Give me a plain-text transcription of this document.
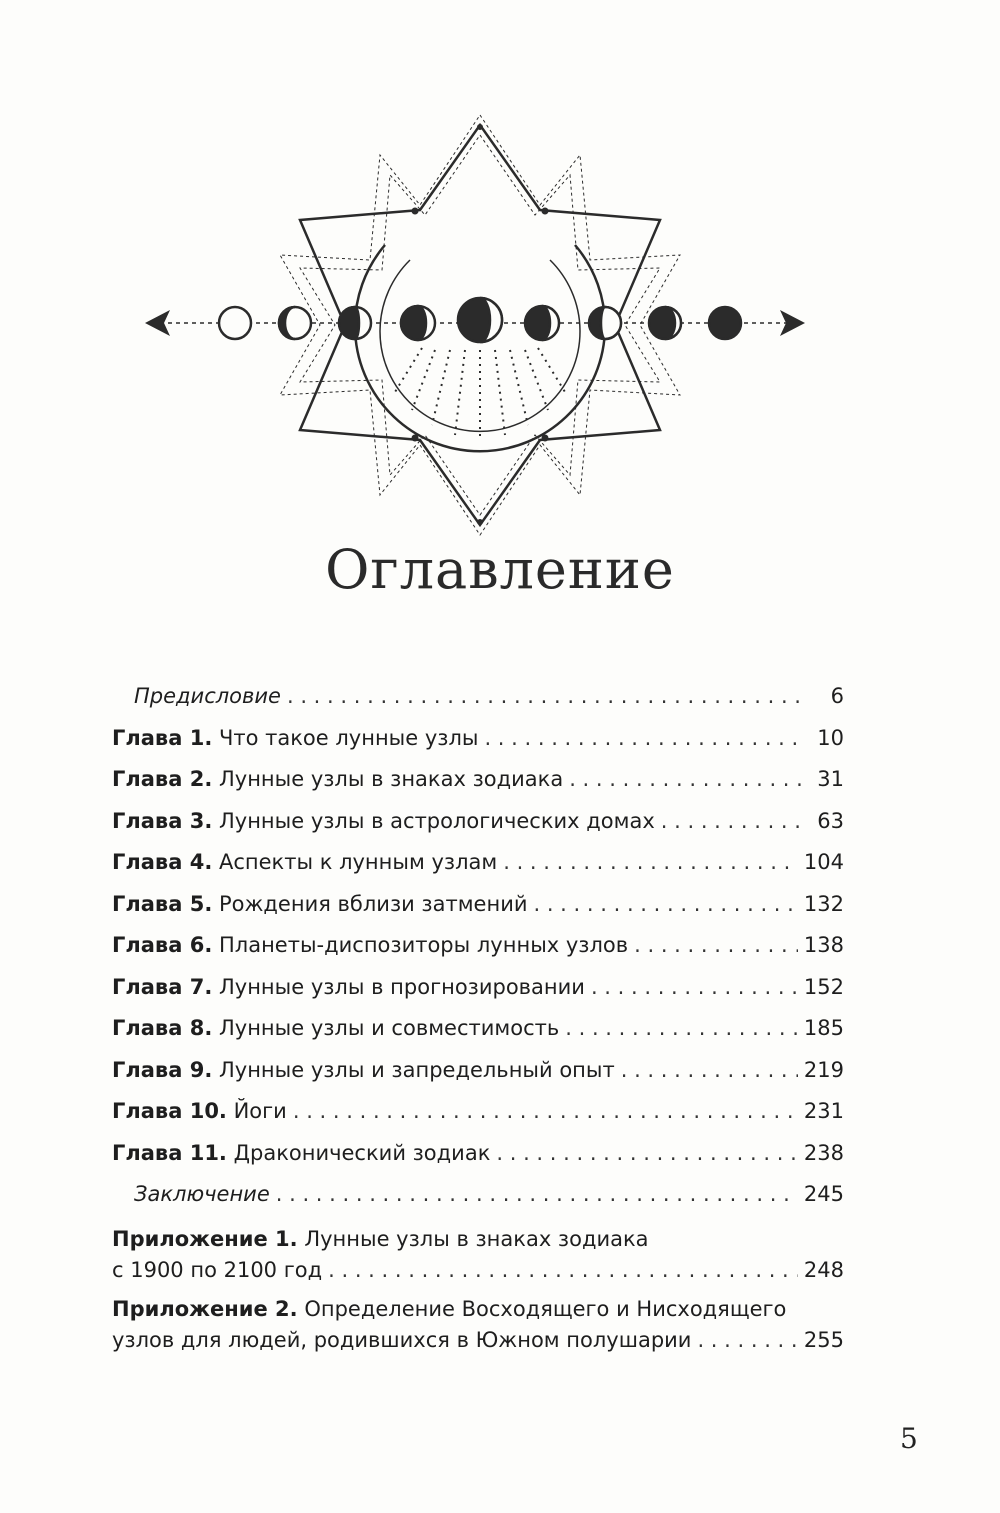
Оглавление
Предисловие . . .	6
Глава 1. Что такое лунные узлы . . .	10
Глава 2. Лунные узлы в знаках зодиака . . .	31
Глава 3. Лунные узлы в астрологических домах . . .	63
Глава 4. Аспекты к лунным узлам . . .	104
Глава 5. Рождения вблизи затмений . . .	132
Глава 6. Планеты-диспозиторы лунных узлов . . .	138
Глава 7. Лунные узлы в прогнозировании . . .	152
Глава 8. Лунные узлы и совместимость . . .	185
Глава 9. Лунные узлы и запредельный опыт . . .	219
Глава 10. Йоги . . .	231
Глава 11. Драконический зодиак . . .	238
Заключение . . .	245
Приложение 1. Лунные узлы в знаках зодиака
с 1900 по 2100 год . . .	248
Приложение 2. Определение Восходящего и Нисходящего
узлов для людей, родившихся в Южном полушарии . . .	255
5
